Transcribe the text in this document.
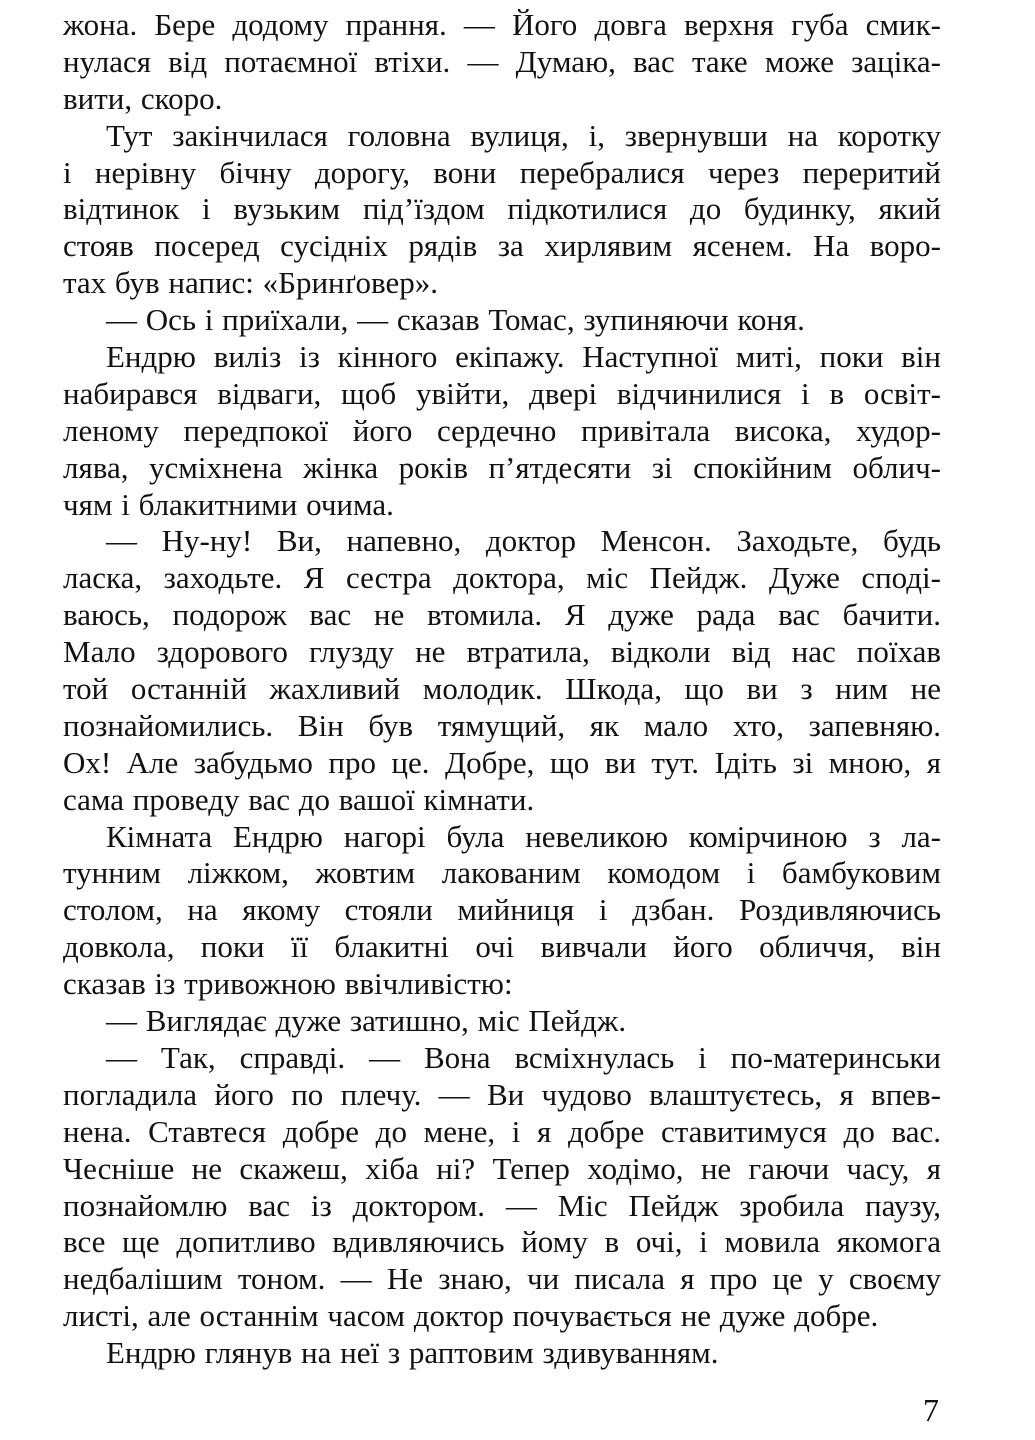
жона. Бере додому прання. — Його довга верхня губа смик-
нулася від потаємної втіхи. — Думаю, вас таке може заціка-
вити, скоро.
Тут закінчилася головна вулиця, і, звернувши на коротку
і нерівну бічну дорогу, вони перебралися через переритий
відтинок і вузьким під’їздом підкотилися до будинку, який
стояв посеред сусідніх рядів за хирлявим ясенем. На воро-
тах був напис: «Бринґовер».
— Ось і приїхали, — сказав Томас, зупиняючи коня.
Ендрю виліз із кінного екіпажу. Наступної миті, поки він
набирався відваги, щоб увійти, двері відчинилися і в освіт-
леному передпокої його сердечно привітала висока, худор-
лява, усміхнена жінка років п’ятдесяти зі спокійним облич-
чям і блакитними очима.
— Ну-ну! Ви, напевно, доктор Менсон. Заходьте, будь
ласка, заходьте. Я сестра доктора, міс Пейдж. Дуже споді-
ваюсь, подорож вас не втомила. Я дуже рада вас бачити.
Мало здорового глузду не втратила, відколи від нас поїхав
той останній жахливий молодик. Шкода, що ви з ним не
познайомились. Він був тямущий, як мало хто, запевняю.
Ох! Але забудьмо про це. Добре, що ви тут. Ідіть зі мною, я
сама проведу вас до вашої кімнати.
Кімната Ендрю нагорі була невеликою комірчиною з ла-
тунним ліжком, жовтим лакованим комодом і бамбуковим
столом, на якому стояли мийниця і дзбан. Роздивляючись
довкола, поки її блакитні очі вивчали його обличчя, він
сказав із тривожною ввічливістю:
— Виглядає дуже затишно, міс Пейдж.
— Так, справді. — Вона всміхнулась і по-материнськи
погладила його по плечу. — Ви чудово влаштуєтесь, я впев-
нена. Ставтеся добре до мене, і я добре ставитимуся до вас.
Чесніше не скажеш, хіба ні? Тепер ходімо, не гаючи часу, я
познайомлю вас із доктором. — Міс Пейдж зробила паузу,
все ще допитливо вдивляючись йому в очі, і мовила якомога
недбалішим тоном. — Не знаю, чи писала я про це у своєму
листі, але останнім часом доктор почувається не дуже добре.
Ендрю глянув на неї з раптовим здивуванням.
7
